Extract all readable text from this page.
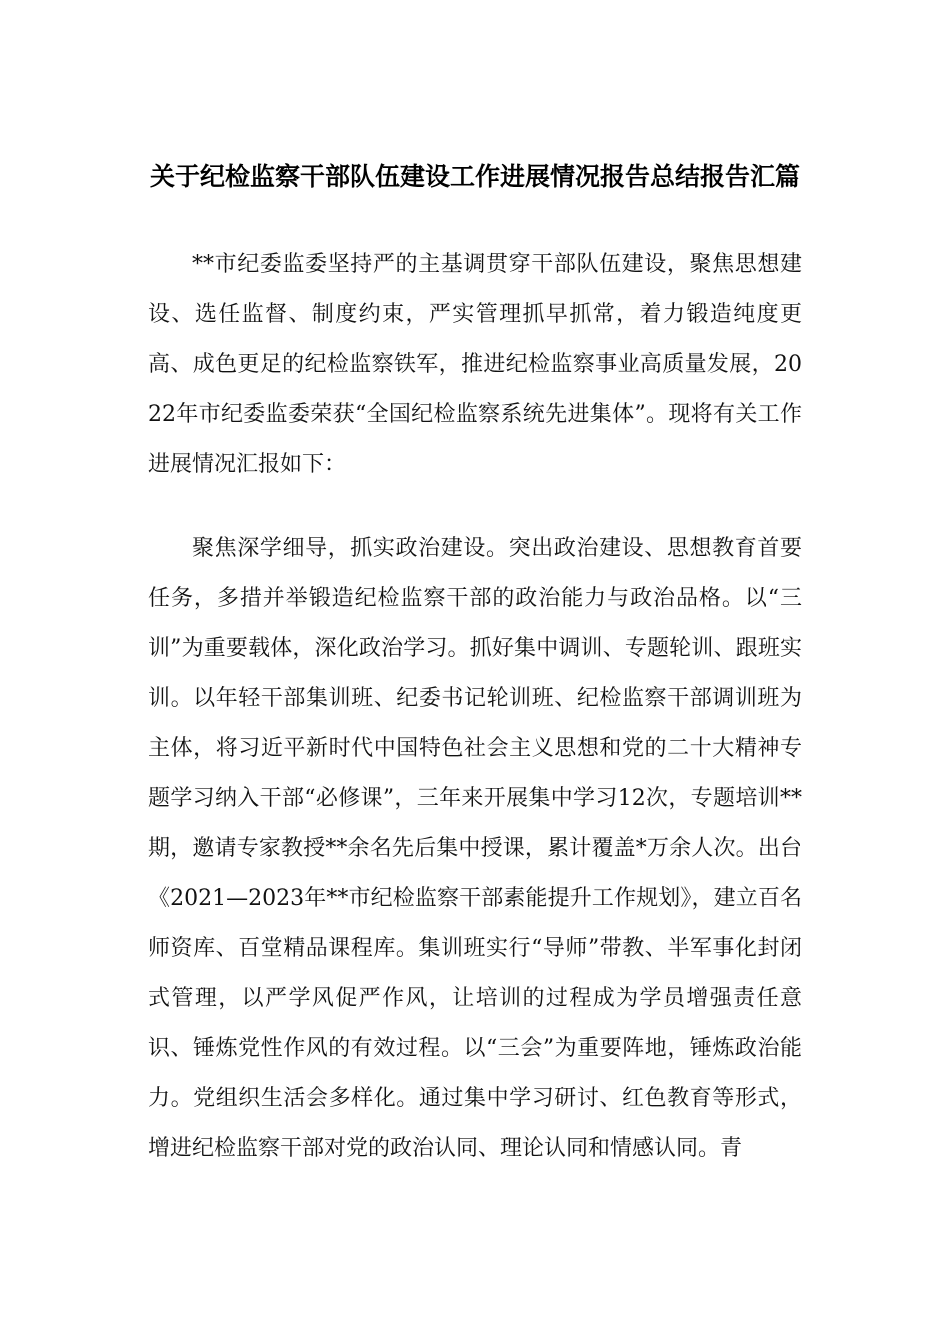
关于纪检监察干部队伍建设工作进展情况报告总结报告汇篇

**市纪委监委坚持严的主基调贯穿干部队伍建设，聚焦思想建设、选任监督、制度约束，严实管理抓早抓常，着力锻造纯度更高、成色更足的纪检监察铁军，推进纪检监察事业高质量发展，2022年市纪委监委荣获“全国纪检监察系统先进集体”。现将有关工作进展情况汇报如下：

聚焦深学细导，抓实政治建设。突出政治建设、思想教育首要任务，多措并举锻造纪检监察干部的政治能力与政治品格。以“三训”为重要载体，深化政治学习。抓好集中调训、专题轮训、跟班实训。以年轻干部集训班、纪委书记轮训班、纪检监察干部调训班为主体，将习近平新时代中国特色社会主义思想和党的二十大精神专题学习纳入干部“必修课”，三年来开展集中学习12次，专题培训**期，邀请专家教授**余名先后集中授课，累计覆盖*万余人次。出台《2021—2023年**市纪检监察干部素能提升工作规划》，建立百名师资库、百堂精品课程库。集训班实行“导师”带教、半军事化封闭式管理，以严学风促严作风，让培训的过程成为学员增强责任意识、锤炼党性作风的有效过程。以“三会”为重要阵地，锤炼政治能力。党组织生活会多样化。通过集中学习研讨、红色教育等形式，增进纪检监察干部对党的政治认同、理论认同和情感认同。青
